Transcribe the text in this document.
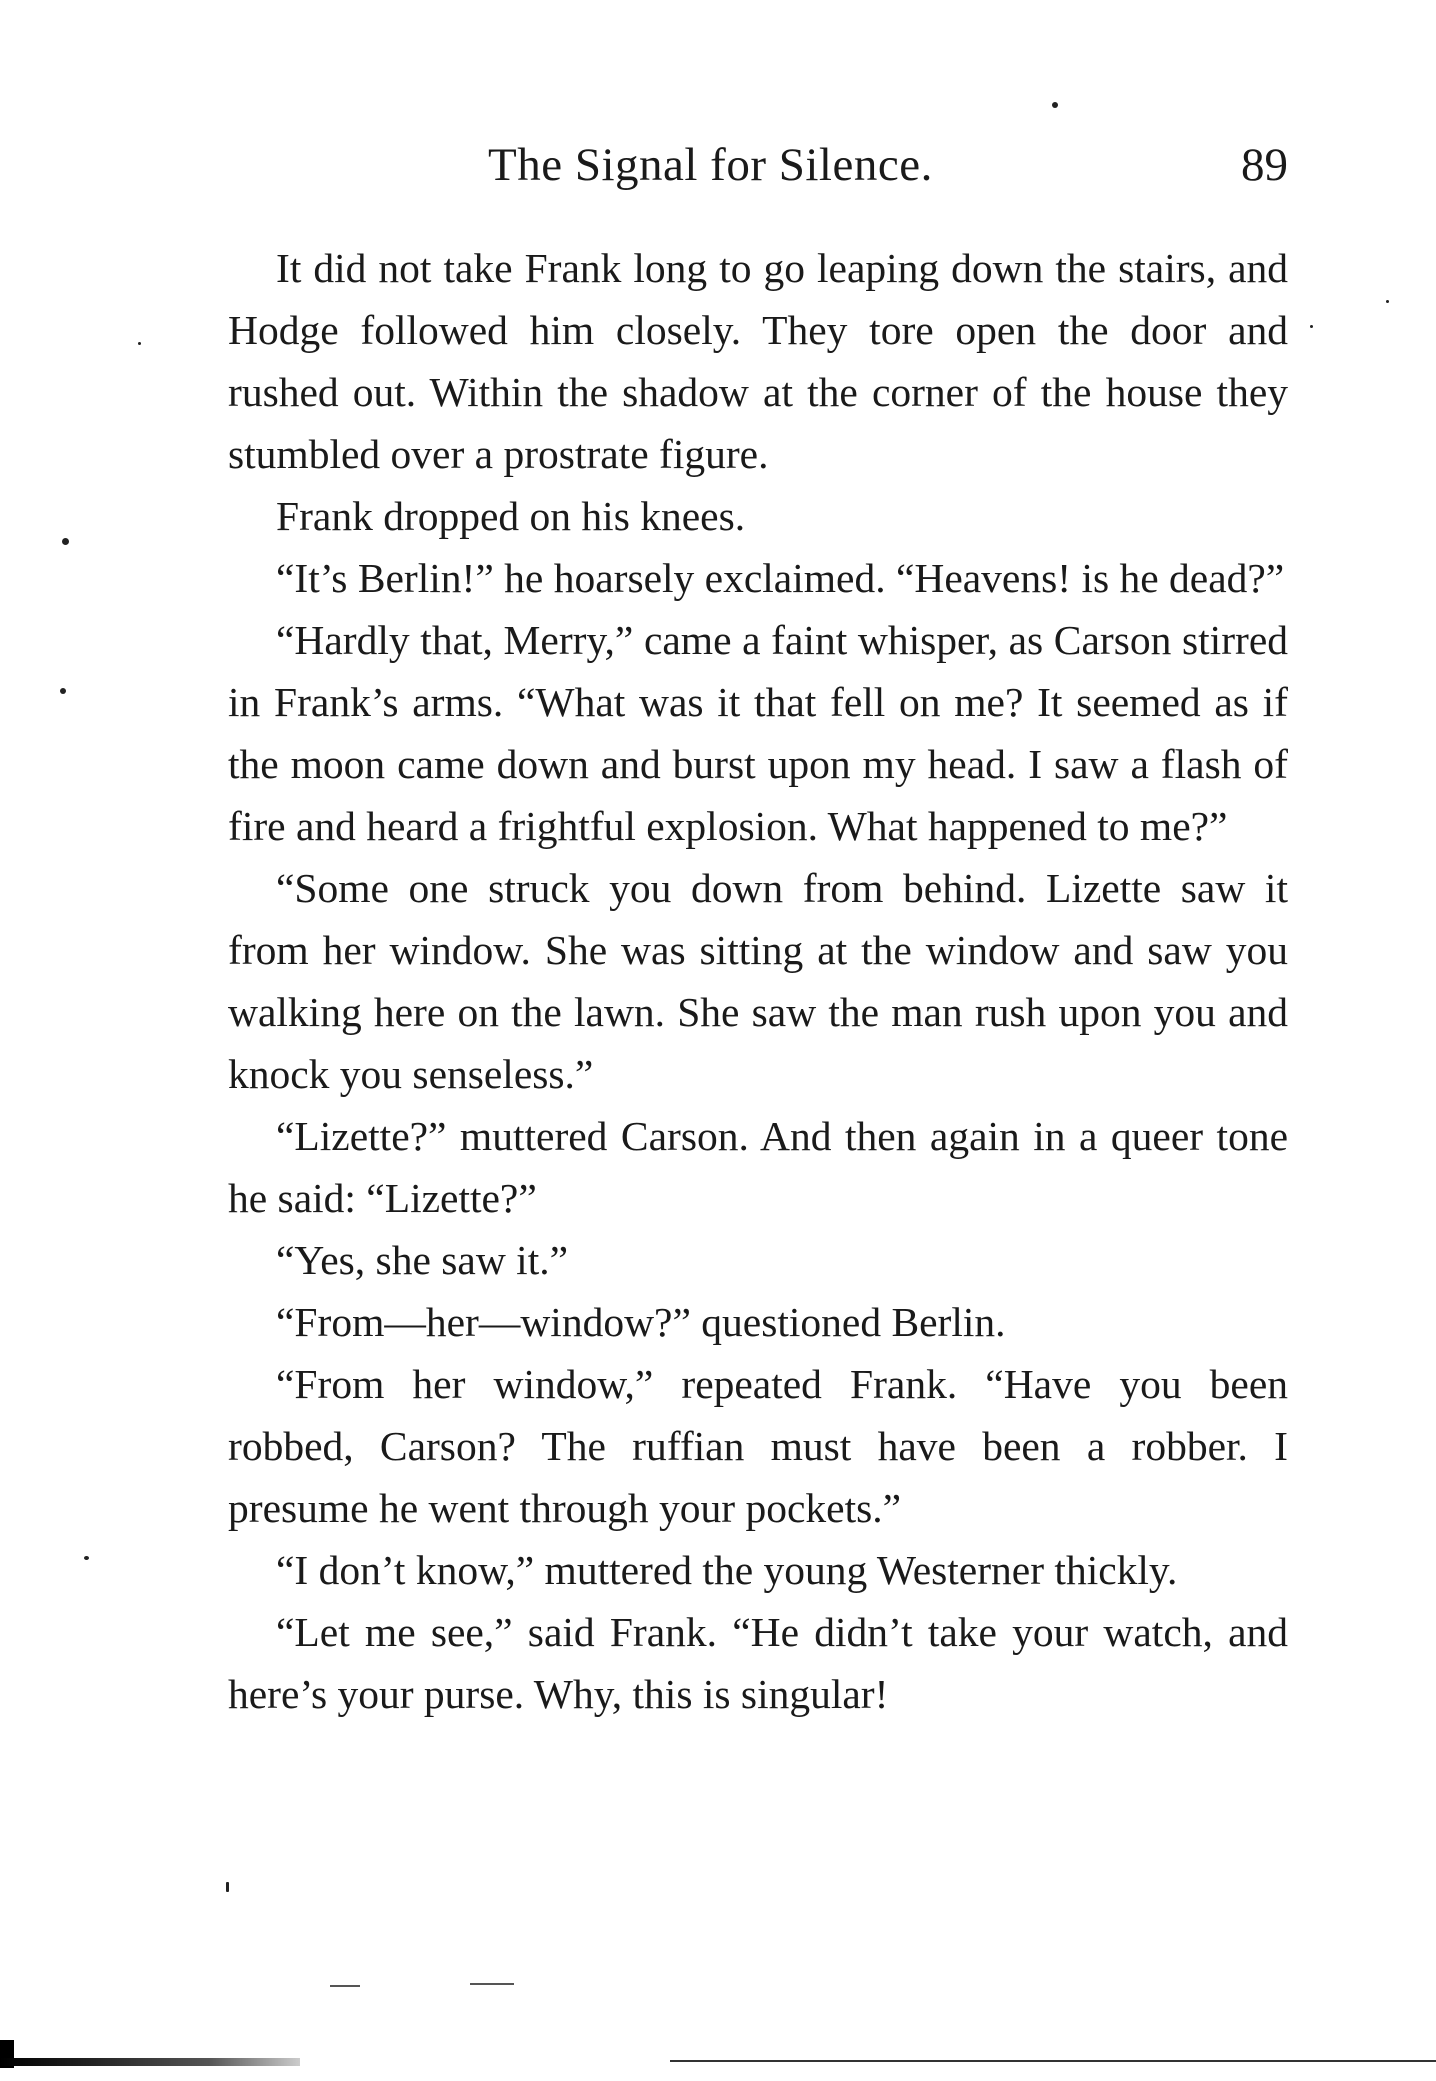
The Signal for Silence.	89

It did not take Frank long to go leaping down the stairs, and Hodge followed him closely. They tore open the door and rushed out. Within the shadow at the corner of the house they stumbled over a prostrate figure.

Frank dropped on his knees.

“It’s Berlin!” he hoarsely exclaimed. “Heavens! is he dead?”

“Hardly that, Merry,” came a faint whisper, as Carson stirred in Frank’s arms. “What was it that fell on me? It seemed as if the moon came down and burst upon my head. I saw a flash of fire and heard a frightful explosion. What happened to me?”

“Some one struck you down from behind. Lizette saw it from her window. She was sitting at the window and saw you walking here on the lawn. She saw the man rush upon you and knock you senseless.”

“Lizette?” muttered Carson. And then again in a queer tone he said: “Lizette?”

“Yes, she saw it.”

“From—her—window?” questioned Berlin.

“From her window,” repeated Frank. “Have you been robbed, Carson? The ruffian must have been a robber. I presume he went through your pockets.”

“I don’t know,” muttered the young Westerner thickly.

“Let me see,” said Frank. “He didn’t take your watch, and here’s your purse. Why, this is singular!
